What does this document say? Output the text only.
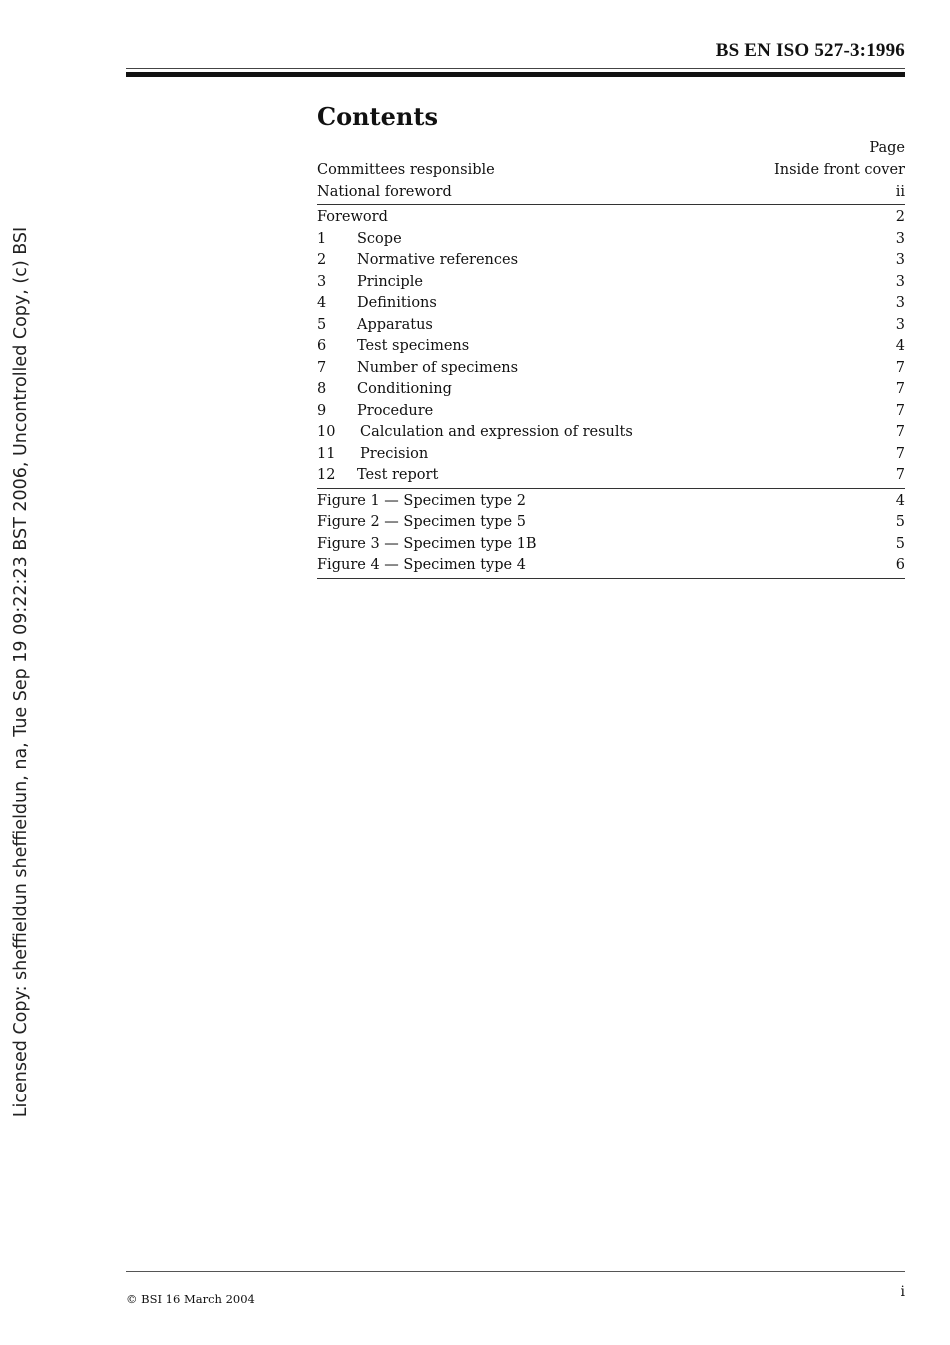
BS EN ISO 527-3:1996
Licensed Copy: sheffieldun sheffieldun, na, Tue Sep 19 09:22:23 BST 2006, Uncontrolled Copy, (c) BSI
Contents
Page
Committees responsible	Inside front cover
National foreword	ii
Foreword	2
1	Scope	3
2	Normative references	3
3	Principle	3
4	Definitions	3
5	Apparatus	3
6	Test specimens	4
7	Number of specimens	7
8	Conditioning	7
9	Procedure	7
10	Calculation and expression of results	7
11	Precision	7
12	Test report	7
Figure 1 — Specimen type 2	4
Figure 2 — Specimen type 5	5
Figure 3 — Specimen type 1B	5
Figure 4 — Specimen type 4	6
© BSI 16 March 2004	i
